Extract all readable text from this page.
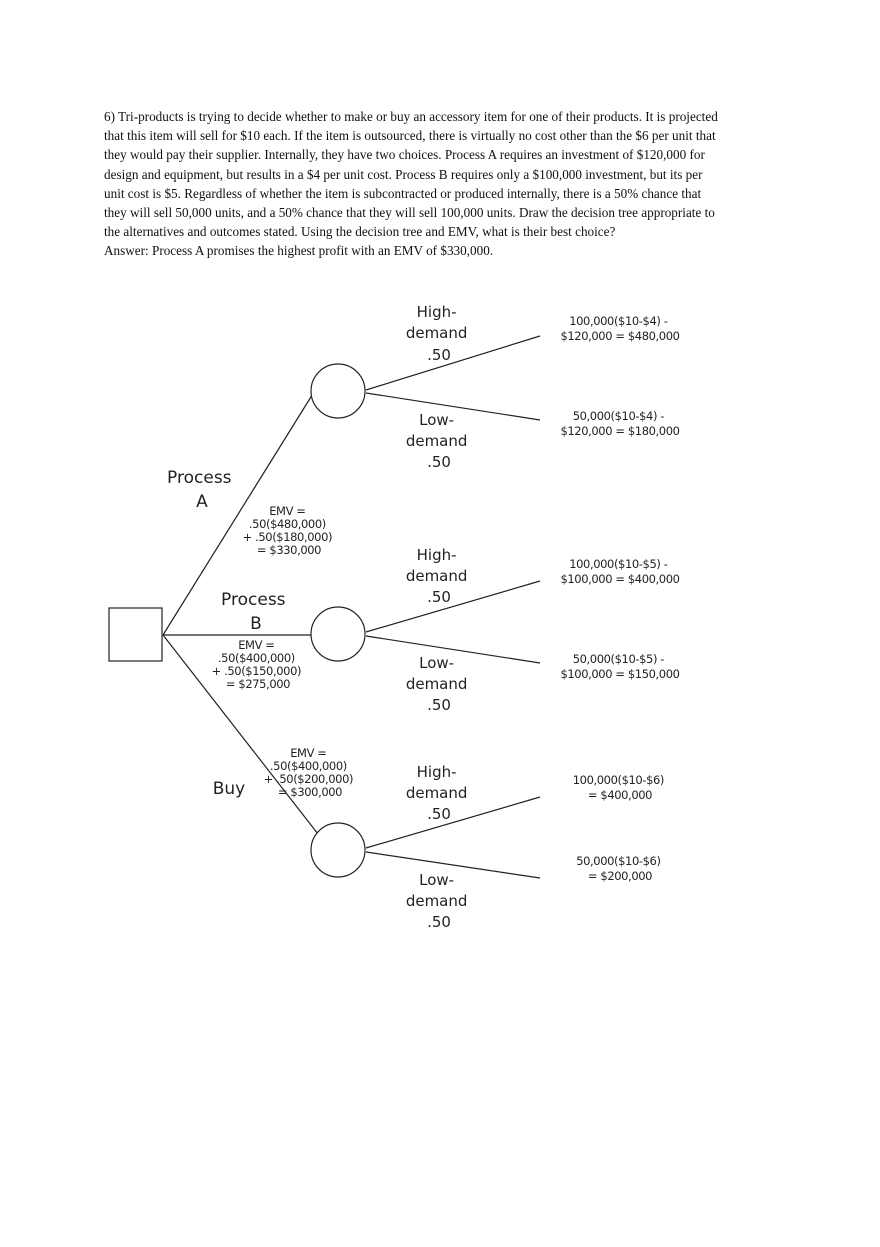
6) Tri-products is trying to decide whether to make or buy an accessory item for one of their products. It is projected that this item will sell for $10 each. If the item is outsourced, there is virtually no cost other than the $6 per unit that they would pay their supplier. Internally, they have two choices. Process A requires an investment of $120,000 for design and equipment, but results in a $4 per unit cost. Process B requires only a $100,000 investment, but its per unit cost is $5. Regardless of whether the item is subcontracted or produced internally, there is a 50% chance that they will sell 50,000 units, and a 50% chance that they will sell 100,000 units. Draw the decision tree appropriate to the alternatives and outcomes stated. Using the decision tree and EMV, what is their best choice?

Answer: Process A promises the highest profit with an EMV of $330,000.

Process A	EMV = .50($480,000) + .50($180,000) = $330,000
High- demand .50
Low- demand .50
100,000($10-$4) - $120,000 = $480,000
50,000($10-$4) - $120,000 = $180,000
Process B
EMV = .50($400,000) + .50($150,000) = $275,000
High- demand .50
Low- demand .50
100,000($10-$5) - $100,000 = $400,000
50,000($10-$5) - $100,000 = $150,000
Buy
EMV = .50($400,000) + .50($200,000) = $300,000
High- demand .50
Low- demand .50
100,000($10-$6) = $400,000
50,000($10-$6) = $200,000
